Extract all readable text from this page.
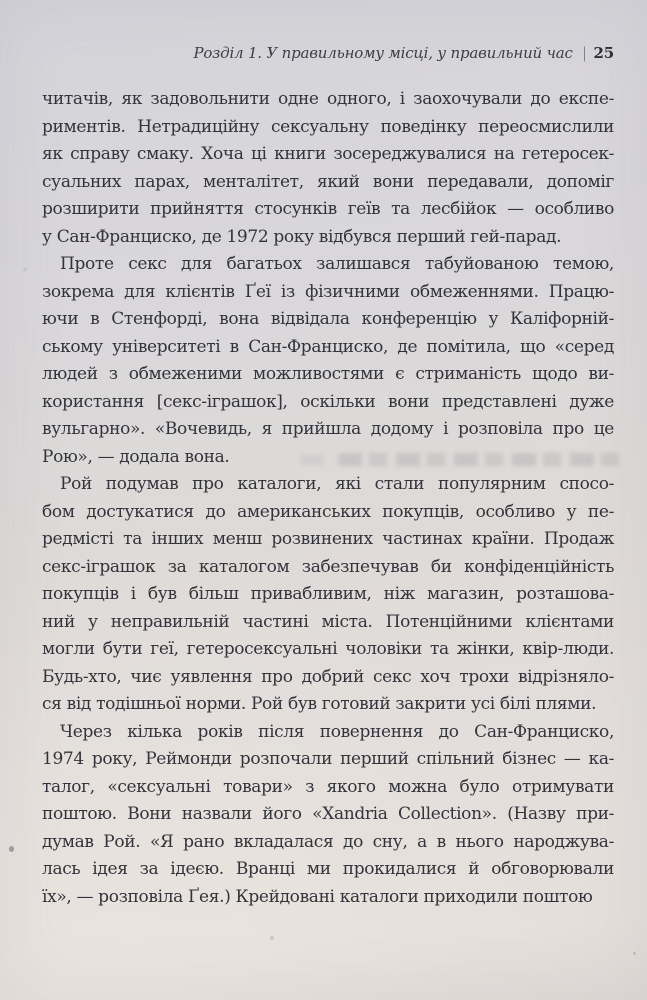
Розділ 1. У правильному місці, у правильний час | 25
читачів, як задовольнити одне одного, і заохочували до експе-
риментів. Нетрадиційну сексуальну поведінку переосмислили
як справу смаку. Хоча ці книги зосереджувалися на гетеросек-
суальних парах, менталітет, який вони передавали, допоміг
розширити прийняття стосунків геїв та лесбійок — особливо
у Сан-Франциско, де 1972 року відбувся перший гей-парад.
Проте секс для багатьох залишався табуйованою темою,
зокрема для клієнтів Ґеї із фізичними обмеженнями. Працю-
ючи в Стенфорді, вона відвідала конференцію у Каліфорній-
ському університеті в Сан-Франциско, де помітила, що «серед
людей з обмеженими можливостями є стриманість щодо ви-
користання [секс-іграшок], оскільки вони представлені дуже
вульгарно». «Вочевидь, я прийшла додому і розповіла про це
Рою», — додала вона.
Рой подумав про каталоги, які стали популярним спосо-
бом достукатися до американських покупців, особливо у пе-
редмісті та інших менш розвинених частинах країни. Продаж
секс-іграшок за каталогом забезпечував би конфіденційність
покупців і був більш привабливим, ніж магазин, розташова-
ний у неправильній частині міста. Потенційними клієнтами
могли бути геї, гетеросексуальні чоловіки та жінки, квір-люди.
Будь-хто, чиє уявлення про добрий секс хоч трохи відрізняло-
ся від тодішньої норми. Рой був готовий закрити усі білі плями.
Через кілька років після повернення до Сан-Франциско,
1974 року, Реймонди розпочали перший спільний бізнес — ка-
талог, «сексуальні товари» з якого можна було отримувати
поштою. Вони назвали його «Xandria Collection». (Назву при-
думав Рой. «Я рано вкладалася до сну, а в нього народжува-
лась ідея за ідеєю. Вранці ми прокидалися й обговорювали
їх», — розповіла Ґея.) Крейдовані каталоги приходили поштою
